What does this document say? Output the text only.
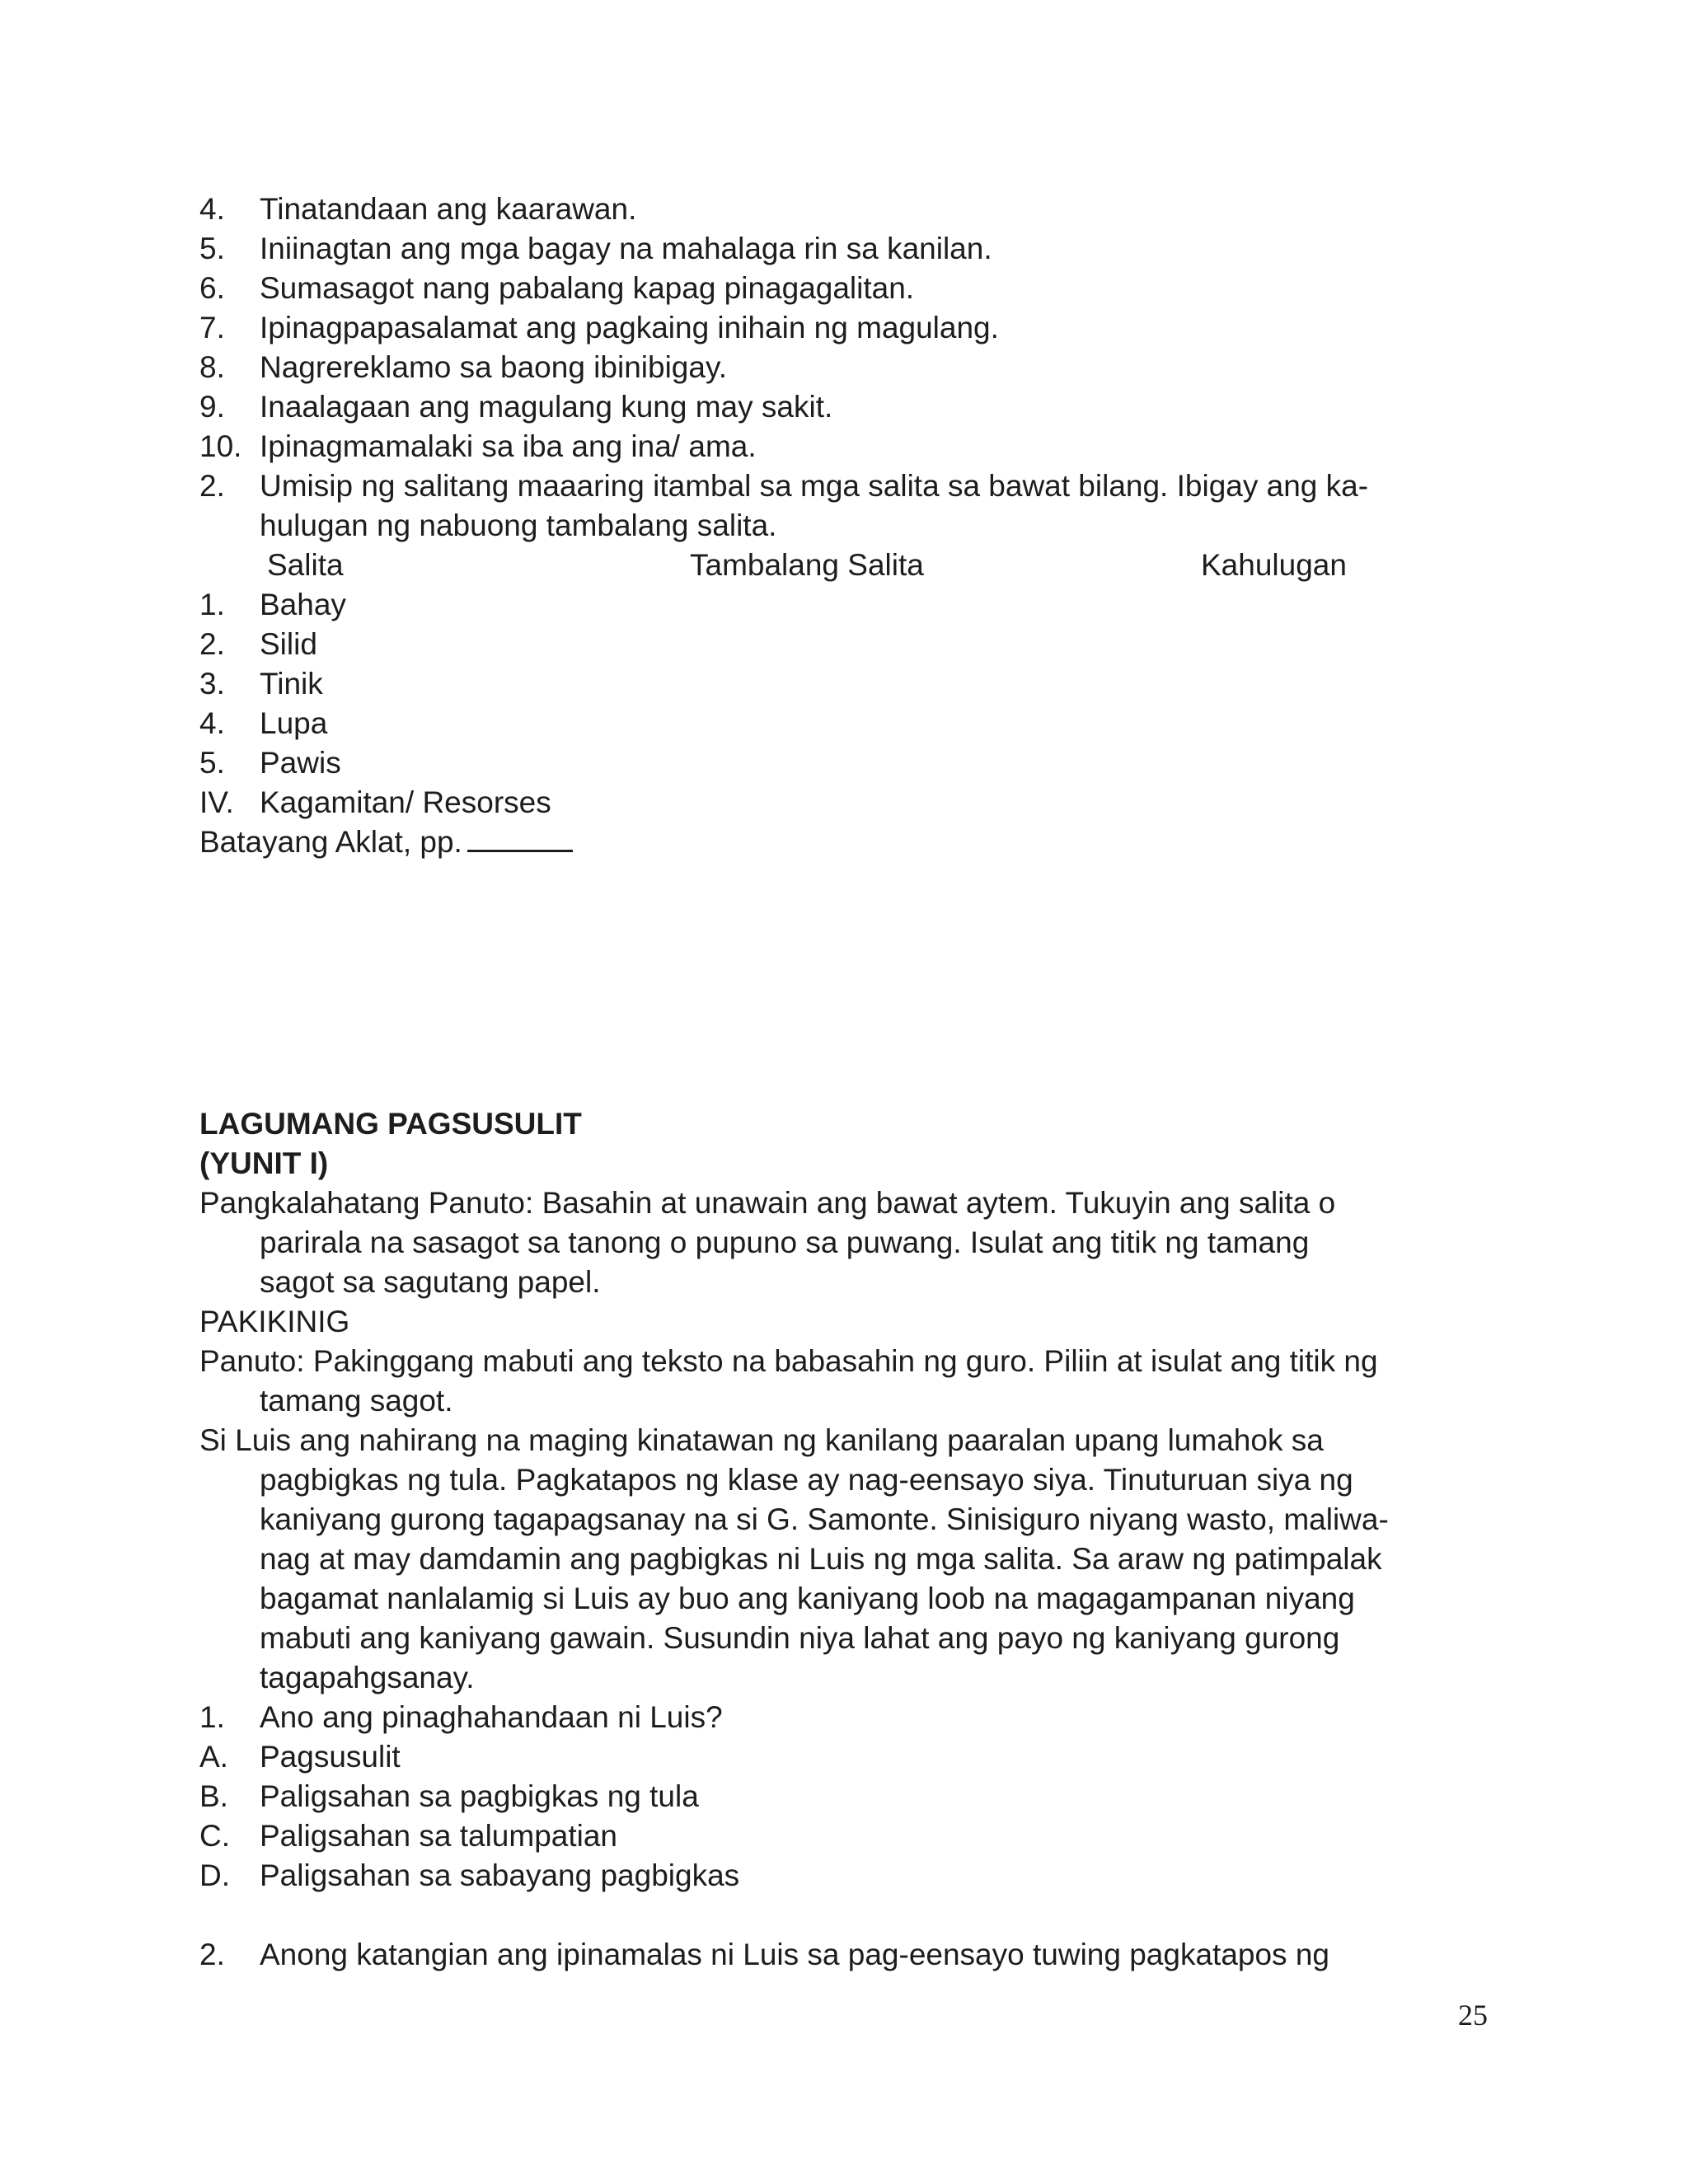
4.	Tinatandaan ang kaarawan.
5.	Iniinagtan ang mga bagay na mahalaga rin sa kanilan.
6.	Sumasagot nang pabalang kapag pinagagalitan.
7.	Ipinagpapasalamat ang pagkaing inihain ng magulang.
8.	Nagrereklamo sa baong ibinibigay.
9.	Inaalagaan ang magulang kung may sakit.
10. Ipinagmamalaki sa iba ang ina/ ama.
2.	Umisip ng salitang maaaring itambal sa mga salita sa bawat bilang. Ibigay ang ka-
hulugan ng nabuong tambalang salita.
Salita	Tambalang Salita	Kahulugan
1.	Bahay
2.	Silid
3.	Tinik
4.	Lupa
5.	Pawis
IV. Kagamitan/ Resorses
Batayang Aklat, pp.
LAGUMANG PAGSUSULIT
(YUNIT I)
Pangkalahatang Panuto: Basahin at unawain ang bawat aytem. Tukuyin ang salita o
parirala na sasagot sa tanong o pupuno sa puwang. Isulat ang titik ng tamang
sagot sa sagutang papel.
PAKIKINIG
Panuto: Pakinggang mabuti ang teksto na babasahin ng guro. Piliin at isulat ang titik ng
tamang sagot.
Si Luis ang nahirang na maging kinatawan ng kanilang paaralan upang lumahok sa
pagbigkas ng tula. Pagkatapos ng klase ay nag-eensayo siya. Tinuturuan siya ng
kaniyang gurong tagapagsanay na si G. Samonte. Sinisiguro niyang wasto, maliwa-
nag at may damdamin ang pagbigkas ni Luis ng mga salita. Sa araw ng patimpalak
bagamat nanlalamig si Luis ay buo ang kaniyang loob na magagampanan niyang
mabuti ang kaniyang gawain. Susundin niya lahat ang payo ng kaniyang gurong
tagapahgsanay.
1.	Ano ang pinaghahandaan ni Luis?
A.	Pagsusulit
B.	Paligsahan sa pagbigkas ng tula
C. Paligsahan sa talumpatian
D. Paligsahan sa sabayang pagbigkas
2.	Anong katangian ang ipinamalas ni Luis sa pag-eensayo tuwing pagkatapos ng
25
